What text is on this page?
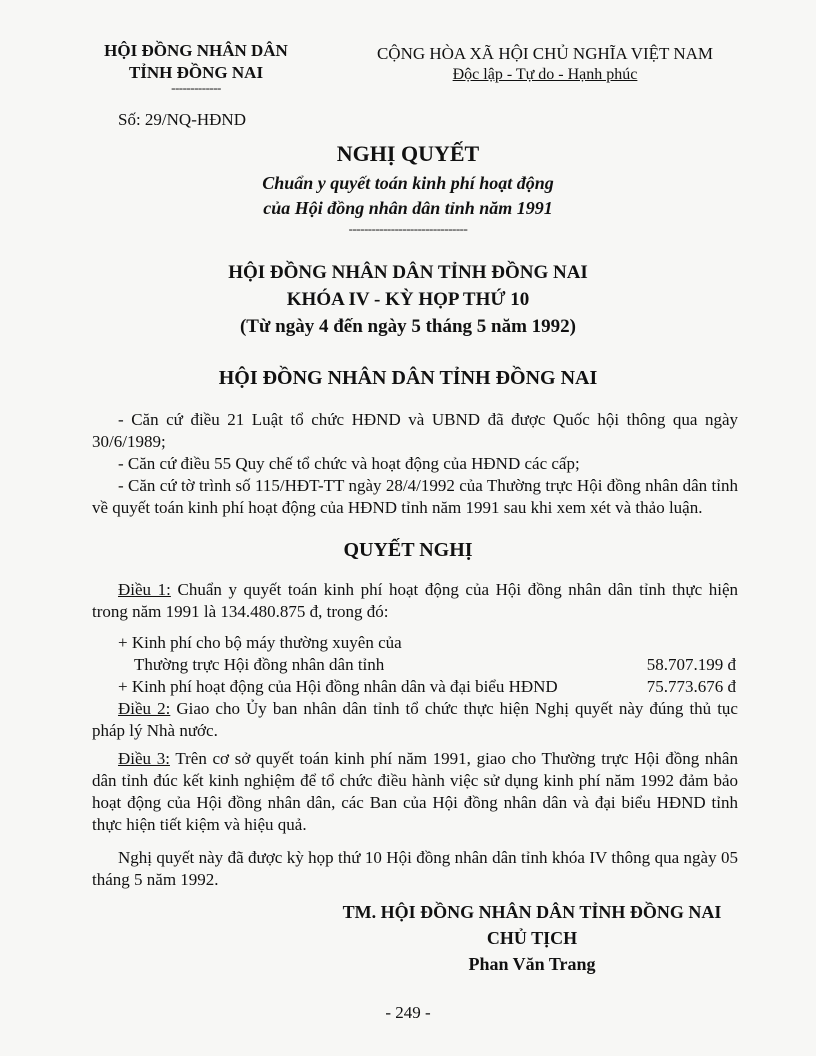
HỘI ĐỒNG NHÂN DÂN
TỈNH ĐỒNG NAI
-------------
Số: 29/NQ-HĐND
CỘNG HÒA XÃ HỘI CHỦ NGHĨA VIỆT NAM
Độc lập - Tự do - Hạnh phúc
NGHỊ QUYẾT
Chuẩn y quyết toán kinh phí hoạt động
của Hội đồng nhân dân tỉnh năm 1991
-------------------------------
HỘI ĐỒNG NHÂN DÂN TỈNH ĐỒNG NAI
KHÓA IV - KỲ HỌP THỨ 10
(Từ ngày 4 đến ngày 5 tháng 5 năm 1992)
HỘI ĐỒNG NHÂN DÂN TỈNH ĐỒNG NAI

- Căn cứ điều 21 Luật tổ chức HĐND và UBND đã được Quốc hội thông qua ngày 30/6/1989;

- Căn cứ điều 55 Quy chế tổ chức và hoạt động của HĐND các cấp;

- Căn cứ tờ trình số 115/HĐT-TT ngày 28/4/1992 của Thường trực Hội đồng nhân dân tỉnh về quyết toán kinh phí hoạt động của HĐND tỉnh năm 1991 sau khi xem xét và thảo luận.

QUYẾT NGHỊ

Điều 1: Chuẩn y quyết toán kinh phí hoạt động của Hội đồng nhân dân tỉnh thực hiện trong năm 1991 là 134.480.875 đ, trong đó:

+ Kinh phí cho bộ máy thường xuyên của
Thường trực Hội đồng nhân dân tỉnh	58.707.199 đ
+ Kinh phí hoạt động của Hội đồng nhân dân và đại biểu HĐND	75.773.676 đ

Điều 2: Giao cho Ủy ban nhân dân tỉnh tổ chức thực hiện Nghị quyết này đúng thủ tục pháp lý Nhà nước.

Điều 3: Trên cơ sở quyết toán kinh phí năm 1991, giao cho Thường trực Hội đồng nhân dân tỉnh đúc kết kinh nghiệm để tổ chức điều hành việc sử dụng kinh phí năm 1992 đảm bảo hoạt động của Hội đồng nhân dân, các Ban của Hội đồng nhân dân và đại biểu HĐND tỉnh thực hiện tiết kiệm và hiệu quả.

Nghị quyết này đã được kỳ họp thứ 10 Hội đồng nhân dân tỉnh khóa IV thông qua ngày 05 tháng 5 năm 1992.

TM. HỘI ĐỒNG NHÂN DÂN TỈNH ĐỒNG NAI
CHỦ TỊCH
Phan Văn Trang
- 249 -
